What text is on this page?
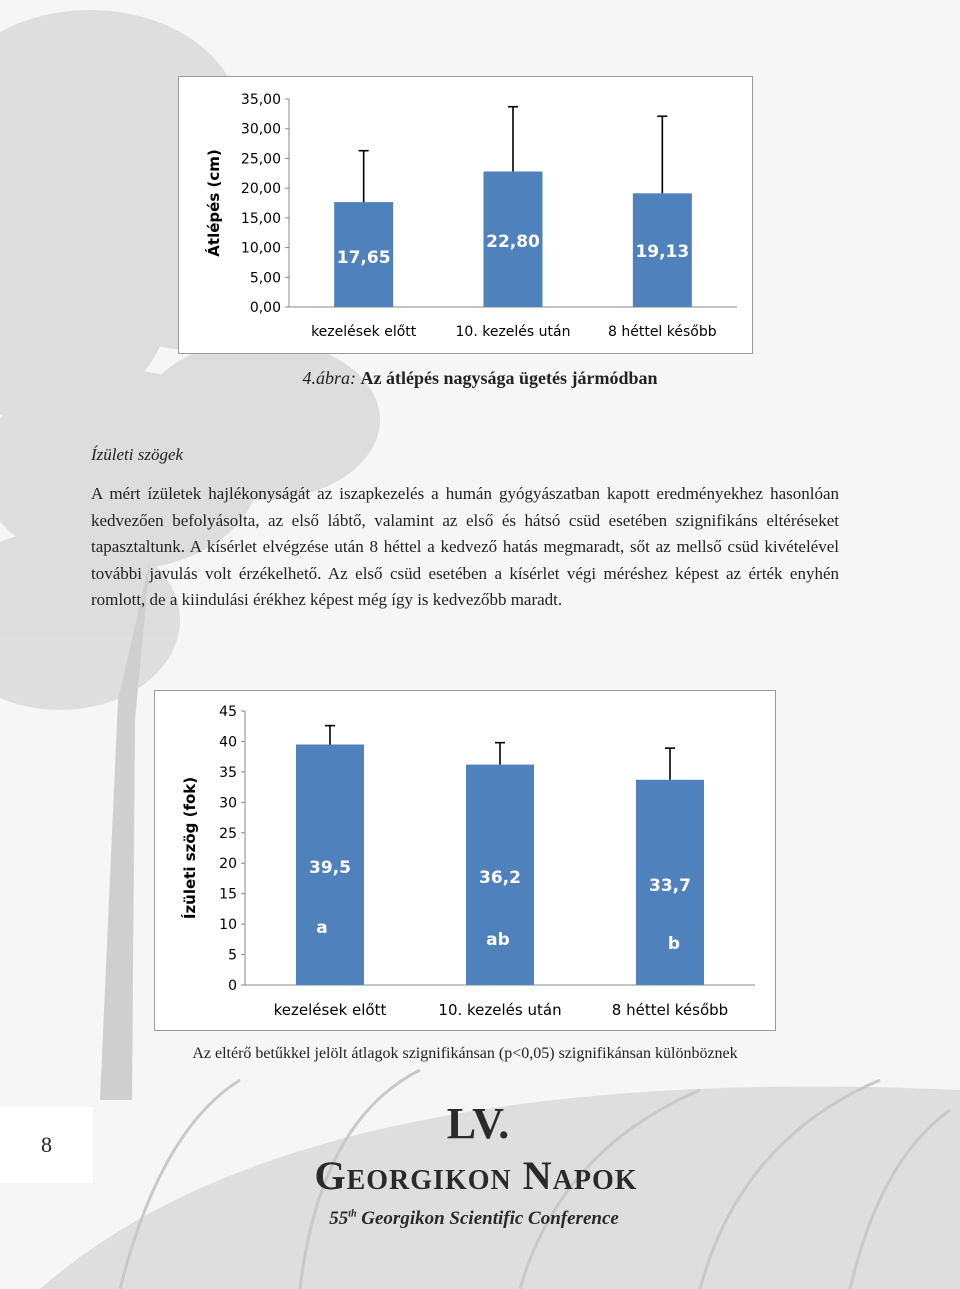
0,00
5,00
10,00
15,00
20,00
25,00
30,00
35,00
Átlépés (cm)
17,65
kezelések előtt
22,80
10. kezelés után
19,13
8 héttel később
4.ábra: Az átlépés nagysága ügetés jármódban
Ízületi szögek

A mért ízületek hajlékonyságát az iszapkezelés a humán gyógyászatban kapott eredményekhez hasonlóan kedvezően befolyásolta, az első lábtő, valamint az első és hátsó csüd esetében szignifikáns eltéréseket tapasztaltunk. A kísérlet elvégzése után 8 héttel a kedvező hatás megmaradt, sőt az mellső csüd kivételével további javulás volt érzékelhető. Az első csüd esetében a kísérlet végi méréshez képest az érték enyhén romlott, de a kiindulási érékhez képest még így is kedvezőbb maradt.

0
5
10
15
20
25
30
35
40
45
Ízületi szög (fok)	39,5
a
kezelések előtt
36,2
ab
10. kezelés után
33,7
b
8 héttel később
Az eltérő betűkkel jelölt átlagok szignifikánsan (p<0,05) szignifikánsan különböznek
8	LV.
Georgikon Napok
55th Georgikon Scientific Conference
